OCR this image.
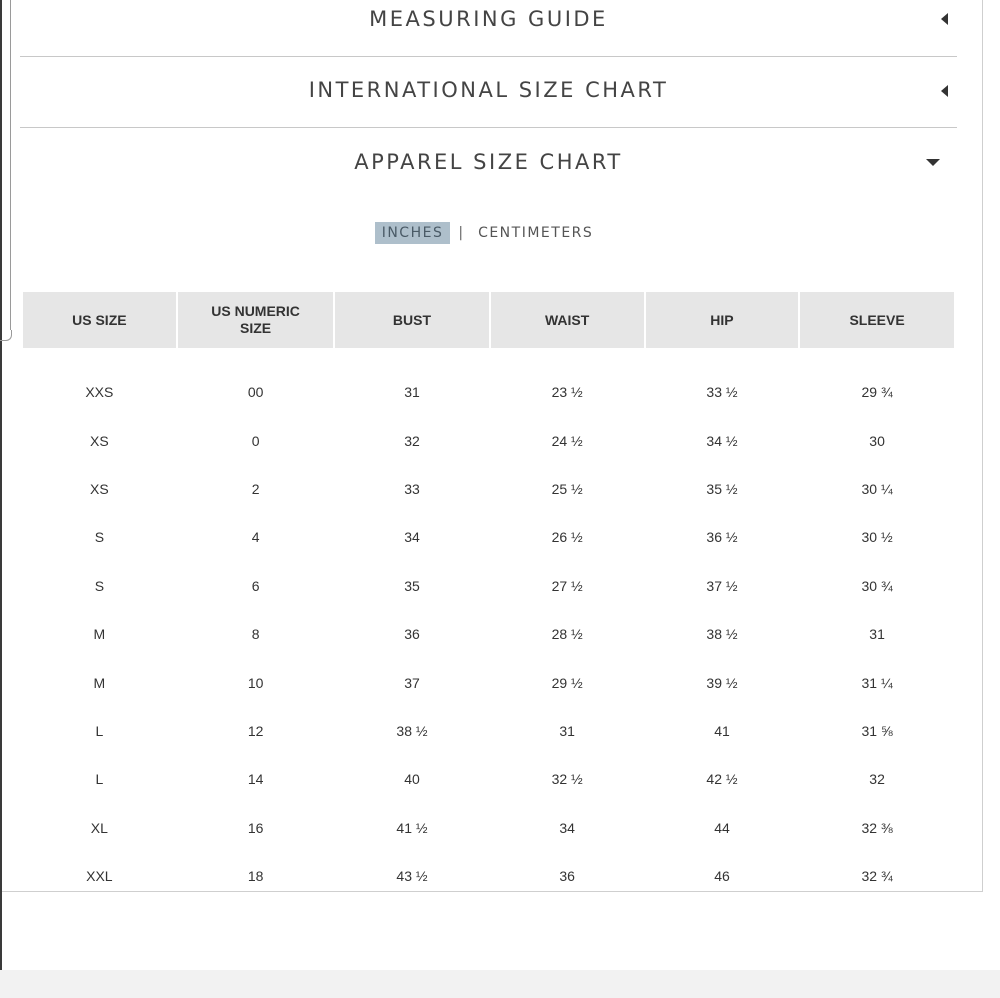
MEASURING GUIDE
INTERNATIONAL SIZE CHART
APPAREL SIZE CHART
INCHES | CENTIMETERS
US SIZE	US NUMERIC SIZE	BUST	WAIST	HIP	SLEEVE
XXS	00	31	23 ½	33 ½	29 ¾
XS	0	32	24 ½	34 ½	30
XS	2	33	25 ½	35 ½	30 ¼
S	4	34	26 ½	36 ½	30 ½
S	6	35	27 ½	37 ½	30 ¾
M	8	36	28 ½	38 ½	31
M	10	37	29 ½	39 ½	31 ¼
L	12	38 ½	31	41	31 ⅝
L	14	40	32 ½	42 ½	32
XL	16	41 ½	34	44	32 ⅜
XXL	18	43 ½	36	46	32 ¾
